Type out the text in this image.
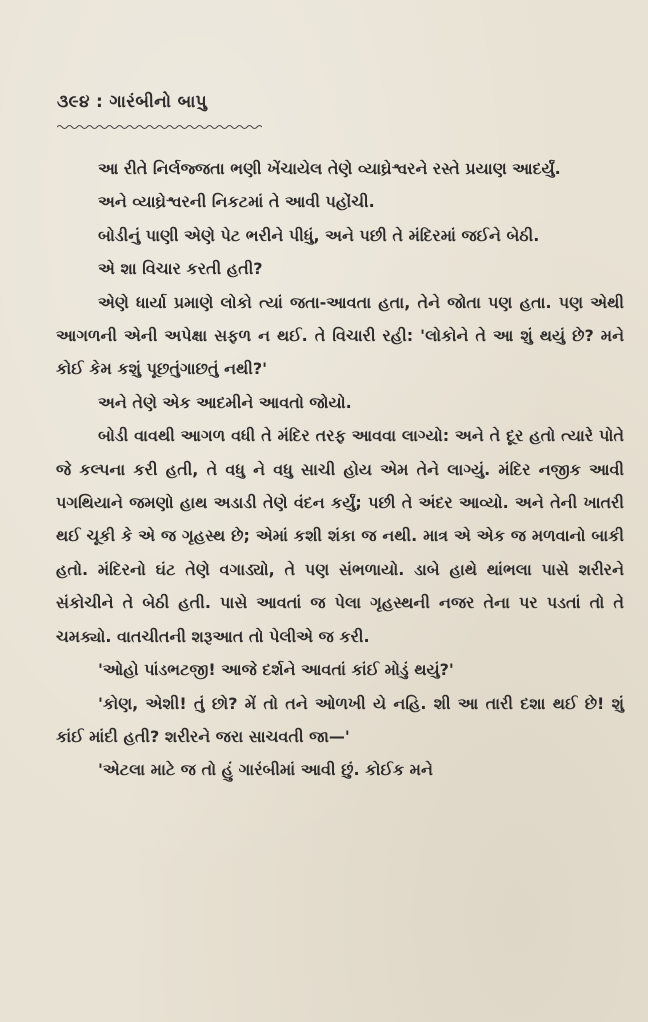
૩૯૪ : ગારંબીનો બાપુ

આ રીતે નિર્લજ્જતા ભણી ખેંચાયેલ તેણે વ્યાઘ્રેશ્વરને રસ્તે પ્રયાણ આદર્યું.

અને વ્યાઘ્રેશ્વરની નિકટમાં તે આવી પહોંચી.

બોડીનું પાણી એણે પેટ ભરીને પીધું, અને પછી તે મંદિરમાં જઈને બેઠી.

એ શા વિચાર કરતી હતી?

એણે ધાર્યા પ્રમાણે લોકો ત્યાં જતા-આવતા હતા, તેને જોતા પણ હતા. પણ એથી આગળની એની અપેક્ષા સફળ ન થઈ. તે વિચારી રહી: 'લોકોને તે આ શું થયું છે? મને કોઈ કેમ કશું પૂછતુંગાછતું નથી?'

અને તેણે એક આદમીને આવતો જોયો.

બોડી વાવથી આગળ વધી તે મંદિર તરફ આવવા લાગ્યો: અને તે દૂર હતો ત્યારે પોતે જે કલ્પના કરી હતી, તે વધુ ને વધુ સાચી હોય એમ તેને લાગ્યું. મંદિર નજીક આવી પગથિયાને જમણો હાથ અડાડી તેણે વંદન કર્યું; પછી તે અંદર આવ્યો. અને તેની ખાતરી થઈ ચૂકી કે એ જ ગૃહસ્થ છે; એમાં કશી શંકા જ નથી. માત્ર એ એક જ મળવાનો બાકી હતો. મંદિરનો ઘંટ તેણે વગાડ્યો, તે પણ સંભળાયો. ડાબે હાથે થાંભલા પાસે શરીરને સંકોચીને તે બેઠી હતી. પાસે આવતાં જ પેલા ગૃહસ્થની નજર તેના પર પડતાં તો તે ચમક્યો. વાતચીતની શરૂઆત તો પેલીએ જ કરી.

'ઓહો પાંડભટજી! આજે દર્શને આવતાં કાંઈ મોડું થયું?'

'કોણ, એશી! તું છો? મેં તો તને ઓળખી યે નહિ. શી આ તારી દશા થઈ છે! શું કાંઈ માંદી હતી? શરીરને જરા સાચવતી જા—'

'એટલા માટે જ તો હું ગારંબીમાં આવી છું. કોઈક મને
